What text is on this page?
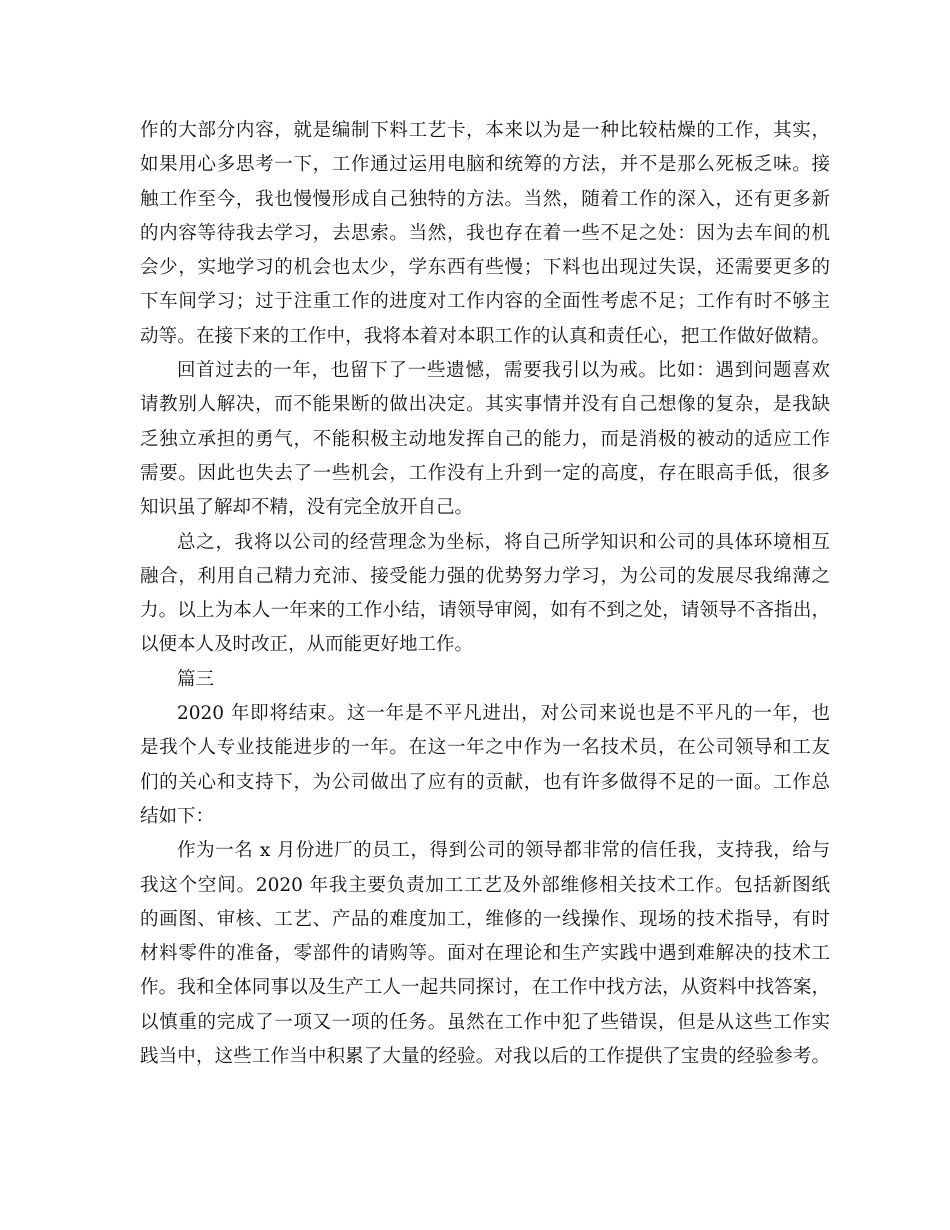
作的大部分内容，就是编制下料工艺卡，本来以为是一种比较枯燥的工作，其实，
如果用心多思考一下，工作通过运用电脑和统筹的方法，并不是那么死板乏味。接
触工作至今，我也慢慢形成自己独特的方法。当然，随着工作的深入，还有更多新
的内容等待我去学习，去思索。当然，我也存在着一些不足之处：因为去车间的机
会少，实地学习的机会也太少，学东西有些慢；下料也出现过失误，还需要更多的
下车间学习；过于注重工作的进度对工作内容的全面性考虑不足；工作有时不够主
动等。在接下来的工作中，我将本着对本职工作的认真和责任心，把工作做好做精。
回首过去的一年，也留下了一些遗憾，需要我引以为戒。比如：遇到问题喜欢
请教别人解决，而不能果断的做出决定。其实事情并没有自己想像的复杂，是我缺
乏独立承担的勇气，不能积极主动地发挥自己的能力，而是消极的被动的适应工作
需要。因此也失去了一些机会，工作没有上升到一定的高度，存在眼高手低，很多
知识虽了解却不精，没有完全放开自己。
总之，我将以公司的经营理念为坐标，将自己所学知识和公司的具体环境相互
融合，利用自己精力充沛、接受能力强的优势努力学习，为公司的发展尽我绵薄之
力。以上为本人一年来的工作小结，请领导审阅，如有不到之处，请领导不吝指出，
以便本人及时改正，从而能更好地工作。
篇三
2020 年即将结束。这一年是不平凡进出，对公司来说也是不平凡的一年，也
是我个人专业技能进步的一年。在这一年之中作为一名技术员，在公司领导和工友
们的关心和支持下，为公司做出了应有的贡献，也有许多做得不足的一面。工作总
结如下：
作为一名 x 月份进厂的员工，得到公司的领导都非常的信任我，支持我，给与
我这个空间。2020 年我主要负责加工工艺及外部维修相关技术工作。包括新图纸
的画图、审核、工艺、产品的难度加工，维修的一线操作、现场的技术指导，有时
材料零件的准备，零部件的请购等。面对在理论和生产实践中遇到难解决的技术工
作。我和全体同事以及生产工人一起共同探讨，在工作中找方法，从资料中找答案，
以慎重的完成了一项又一项的任务。虽然在工作中犯了些错误，但是从这些工作实
践当中，这些工作当中积累了大量的经验。对我以后的工作提供了宝贵的经验参考。
